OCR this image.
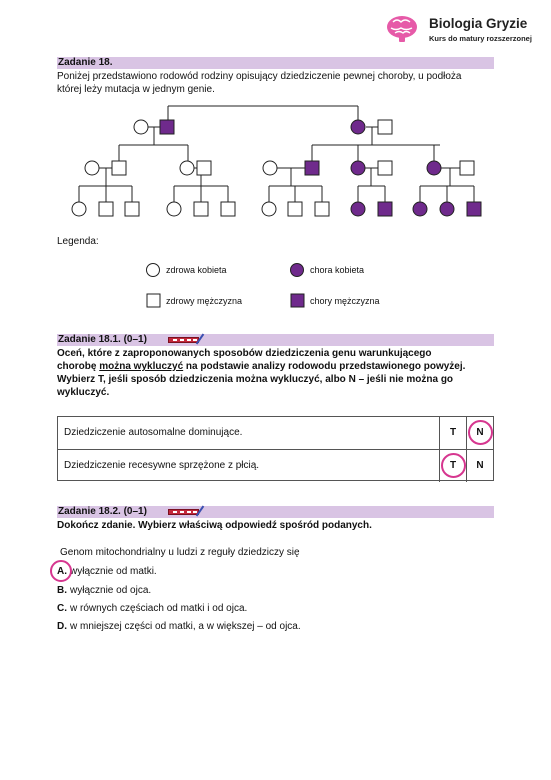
Biologia Gryzie
Kurs do matury rozszerzonej
Zadanie 18.
Poniżej przedstawiono rodowód rodziny opisujący dziedziczenie pewnej choroby, u podłoża
której leży mutacja w jednym genie.
Legenda:
zdrowa kobieta	chora kobieta
zdrowy mężczyzna	chory mężczyzna
Zadanie 18.1. (0–1)
Oceń, które z zaproponowanych sposobów dziedziczenia genu warunkującego
chorobę można wykluczyć na podstawie analizy rodowodu przedstawionego powyżej.
Wybierz T, jeśli sposób dziedziczenia można wykluczyć, albo N – jeśli nie można go
wykluczyć.
Dziedziczenie autosomalne dominujące.	T	N
Dziedziczenie recesywne sprzężone z płcią.	T	N
Zadanie 18.2. (0–1)
Dokończ zdanie. Wybierz właściwą odpowiedź spośród podanych.
Genom mitochondrialny u ludzi z reguły dziedziczy się
A. wyłącznie od matki.
B. wyłącznie od ojca.
C. w równych częściach od matki i od ojca.
D. w mniejszej części od matki, a w większej – od ojca.
